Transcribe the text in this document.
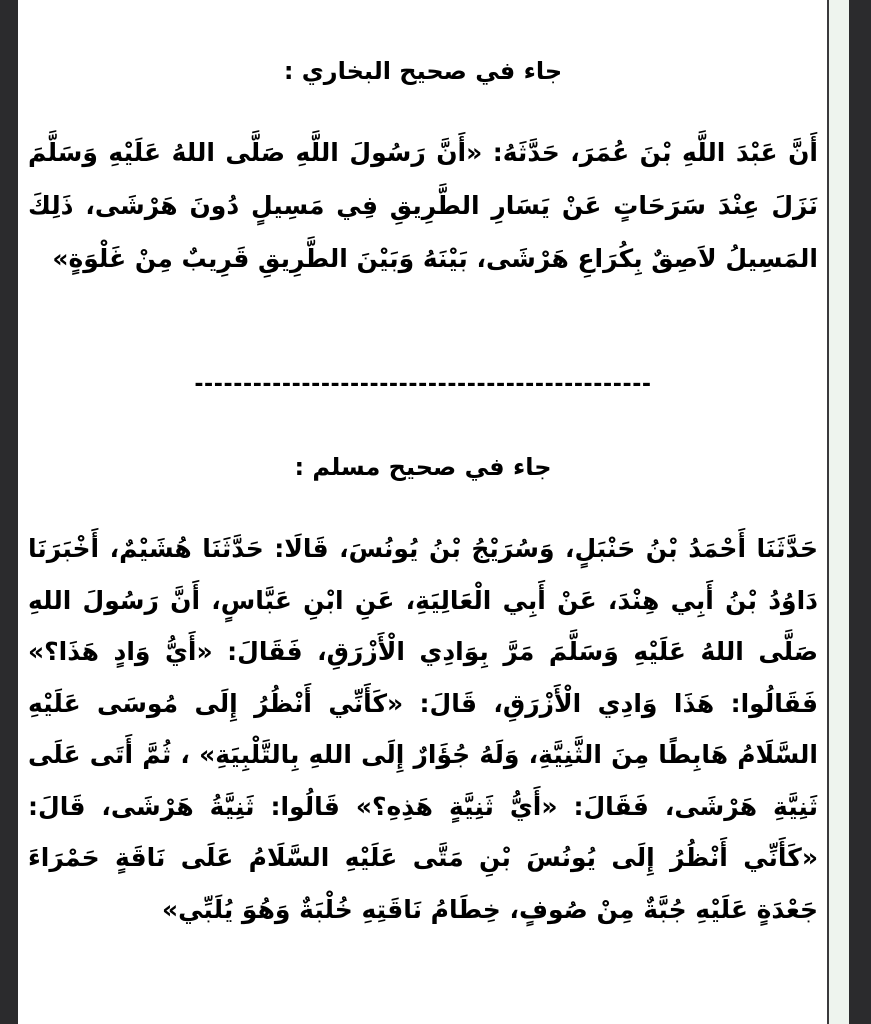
جاء في صحيح البخاري :
أَنَّ عَبْدَ اللَّهِ بْنَ عُمَرَ، حَدَّثَهُ: «أَنَّ رَسُولَ اللَّهِ صَلَّى اللهُ عَلَيْهِ وَسَلَّمَ نَزَلَ عِنْدَ سَرَحَاتٍ عَنْ يَسَارِ الطَّرِيقِ فِي مَسِيلٍ دُونَ هَرْشَى، ذَلِكَ المَسِيلُ لاَصِقٌ بِكُرَاعِ هَرْشَى، بَيْنَهُ وَبَيْنَ الطَّرِيقِ قَرِيبٌ مِنْ غَلْوَةٍ»
-----------------------------------------------
جاء في صحيح مسلم :
حَدَّثَنَا أَحْمَدُ بْنُ حَنْبَلٍ، وَسُرَيْجُ بْنُ يُونُسَ، قَالَا: حَدَّثَنَا هُشَيْمٌ، أَخْبَرَنَا دَاوُدُ بْنُ أَبِي هِنْدَ، عَنْ أَبِي الْعَالِيَةِ، عَنِ ابْنِ عَبَّاسٍ، أَنَّ رَسُولَ اللهِ صَلَّى اللهُ عَلَيْهِ وَسَلَّمَ مَرَّ بِوَادِي الْأَزْرَقِ، فَقَالَ: «أَيُّ وَادٍ هَذَا؟» فَقَالُوا: هَذَا وَادِي الْأَزْرَقِ، قَالَ: «كَأَنِّي أَنْظُرُ إِلَى مُوسَى عَلَيْهِ السَّلَامُ هَابِطًا مِنَ الثَّنِيَّةِ، وَلَهُ جُؤَارٌ إِلَى اللهِ بِالتَّلْبِيَةِ» ، ثُمَّ أَتَى عَلَى ثَنِيَّةِ هَرْشَى، فَقَالَ: «أَيُّ ثَنِيَّةٍ هَذِهِ؟» قَالُوا: ثَنِيَّةُ هَرْشَى، قَالَ: «كَأَنِّي أَنْظُرُ إِلَى يُونُسَ بْنِ مَتَّى عَلَيْهِ السَّلَامُ عَلَى نَاقَةٍ حَمْرَاءَ جَعْدَةٍ عَلَيْهِ جُبَّةٌ مِنْ صُوفٍ، خِطَامُ نَاقَتِهِ خُلْبَةٌ وَهُوَ يُلَبِّي»
